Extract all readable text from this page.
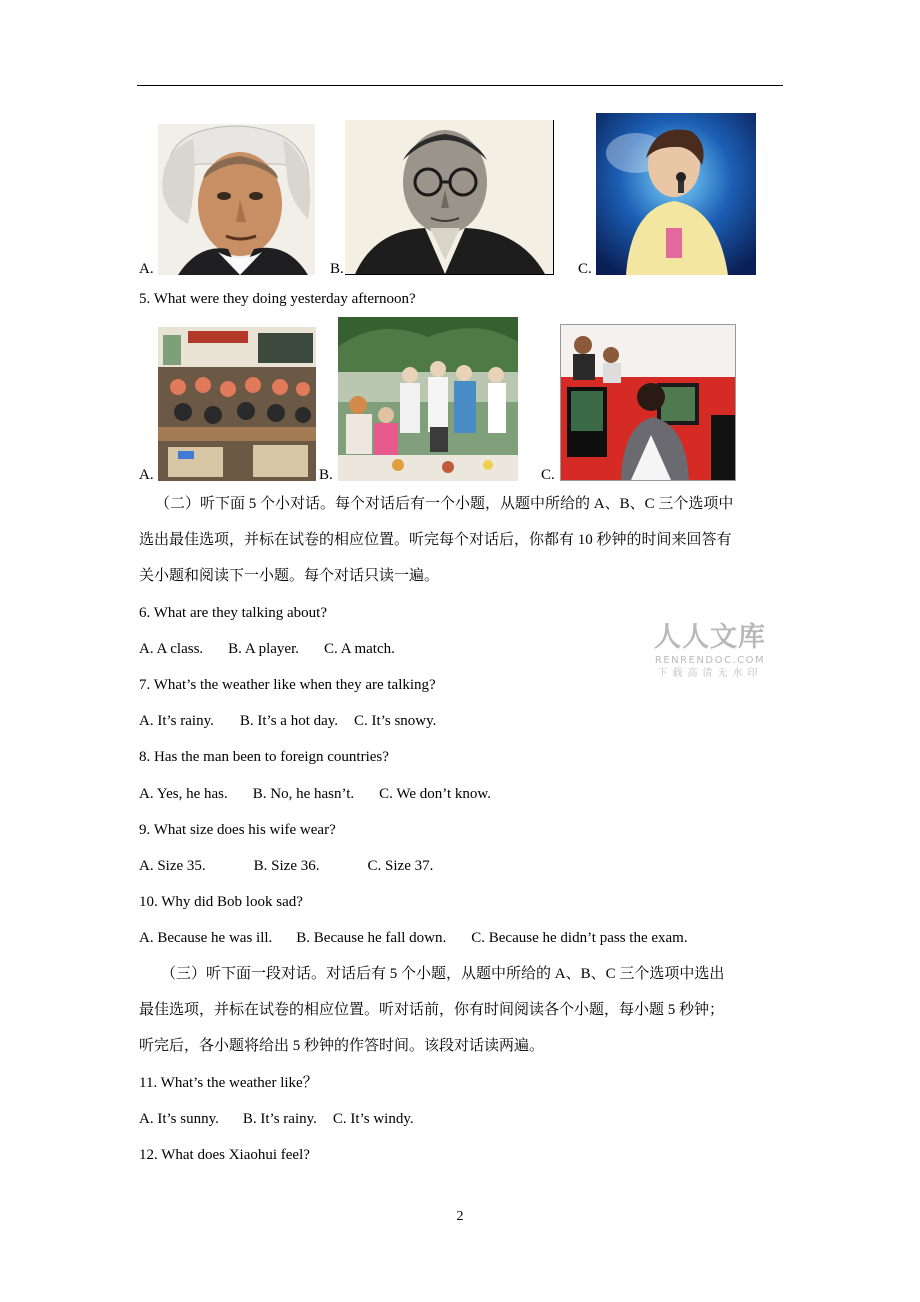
A.	B.	C.
5. What were they doing yesterday afternoon?
A.	B.	C.
（二）听下面 5 个小对话。每个对话后有一个小题，从题中所给的 A、B、C 三个选项中
选出最佳选项，并标在试卷的相应位置。听完每个对话后，你都有 10 秒钟的时间来回答有
关小题和阅读下一小题。每个对话只读一遍。
6. What are they talking about?
A. A class. B. A player. C. A match.
7. What’s the weather like when they are talking?
A. It’s rainy. B. It’s a hot day. C. It’s snowy.
8. Has the man been to foreign countries?
A. Yes, he has. B. No, he hasn’t. C. We don’t know.
9. What size does his wife wear?
A. Size 35.	B. Size 36.	C. Size 37.
10. Why did Bob look sad?
A. Because he was ill. B. Because he fall down. C. Because he didn’t pass the exam.
（三）听下面一段对话。对话后有 5 个小题，从题中所给的 A、B、C 三个选项中选出
最佳选项，并标在试卷的相应位置。听对话前，你有时间阅读各个小题，每小题 5 秒钟；
听完后，各小题将给出 5 秒钟的作答时间。该段对话读两遍。
11. What’s the weather like？
A. It’s sunny. B. It’s rainy. C. It’s windy.
12. What does Xiaohui feel?
人人文库
RENRENDOC.COM
下载高清无水印
2
